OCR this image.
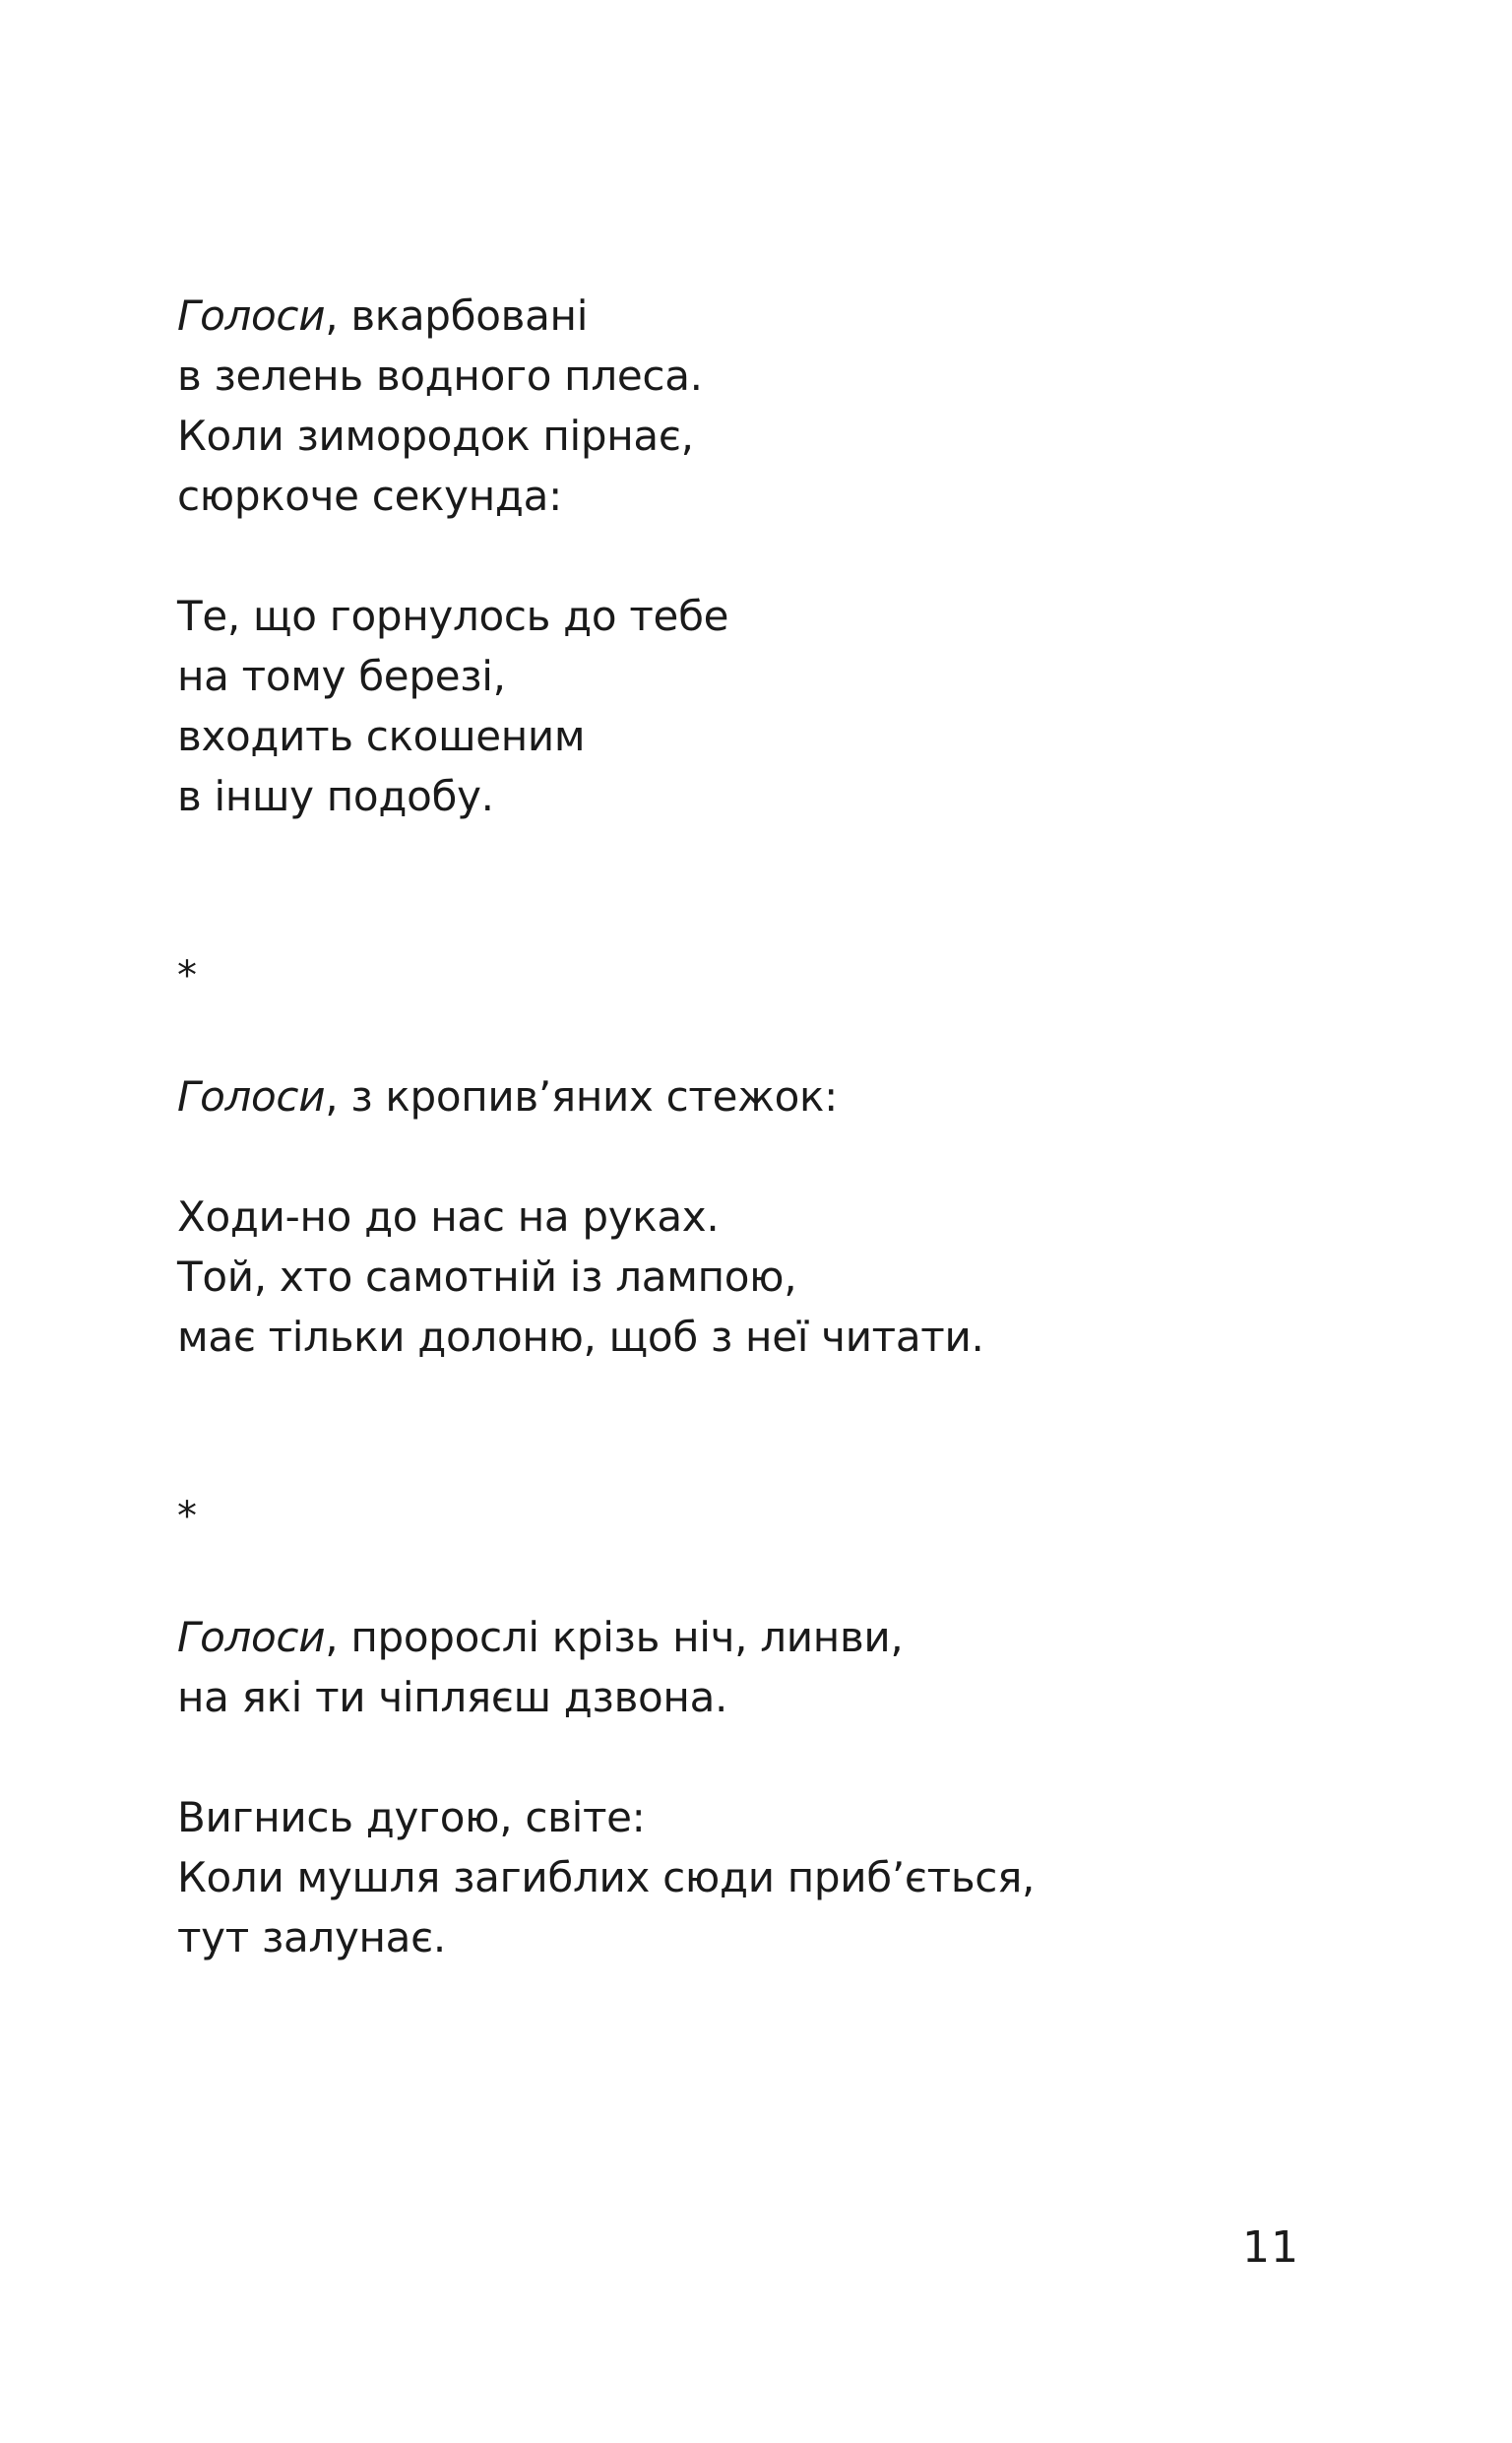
Голоси, вкарбовані
в зелень водного плеса.
Коли зимородок пірнає,
сюркоче секунда:
Те, що горнулось до тебе
на тому березі,
входить скошеним
в іншу подобу.
*
Голоси, з кропив’яних стежок:
Ходи-но до нас на руках.
Той, хто самотній із лампою,
має тільки долоню, щоб з неї читати.
*
Голоси, пророслі крізь ніч, линви,
на які ти чіпляєш дзвона.
Вигнись дугою, світе:
Коли мушля загиблих сюди приб’ється,
тут залунає.
11
